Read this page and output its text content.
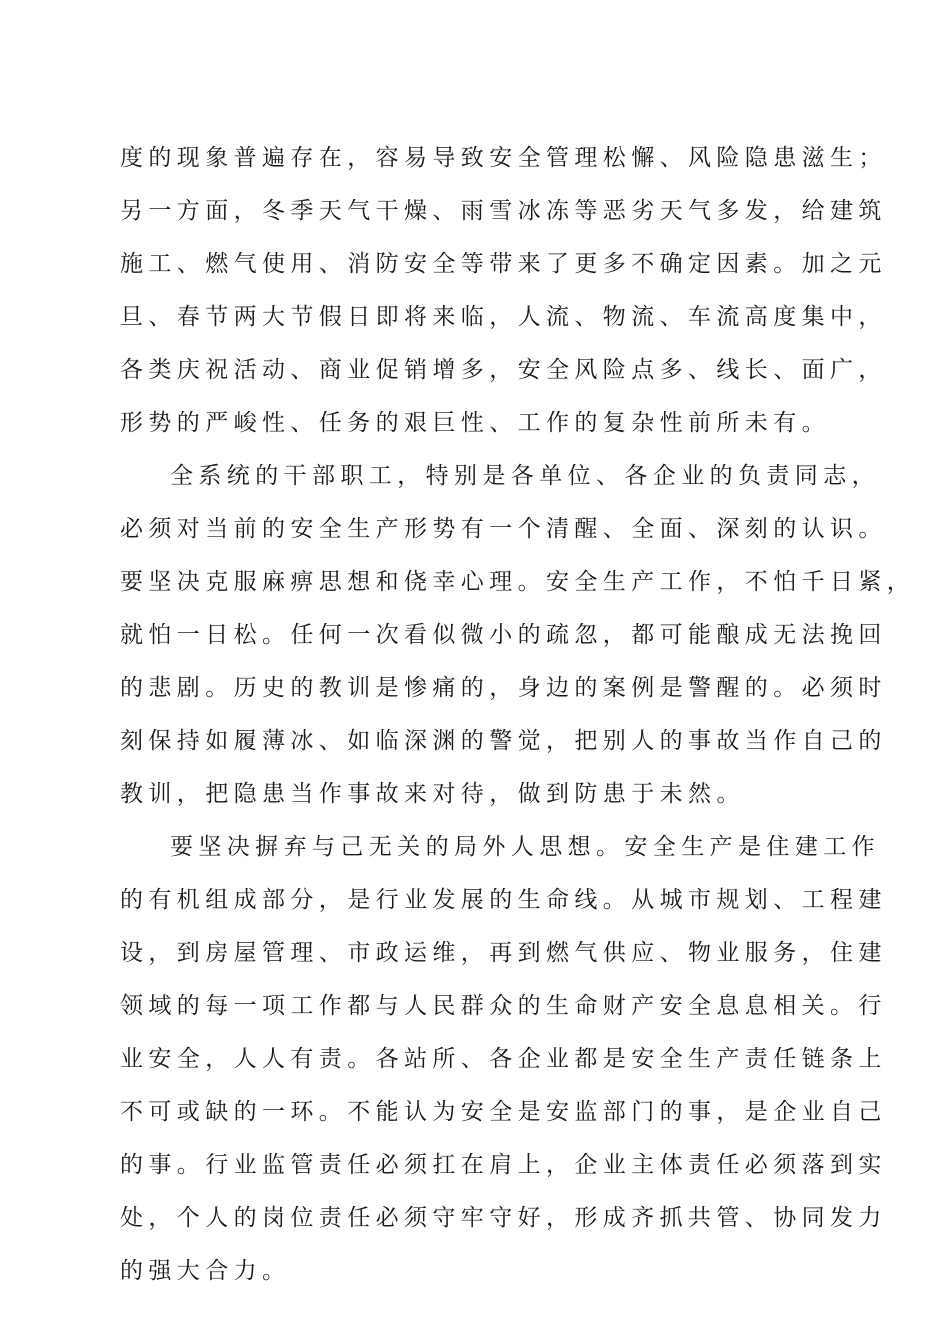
度的现象普遍存在，容易导致安全管理松懈、风险隐患滋生；
另一方面，冬季天气干燥、雨雪冰冻等恶劣天气多发，给建筑
施工、燃气使用、消防安全等带来了更多不确定因素。加之元
旦、春节两大节假日即将来临，人流、物流、车流高度集中，
各类庆祝活动、商业促销增多，安全风险点多、线长、面广，
形势的严峻性、任务的艰巨性、工作的复杂性前所未有。
全系统的干部职工，特别是各单位、各企业的负责同志，
必须对当前的安全生产形势有一个清醒、全面、深刻的认识。
要坚决克服麻痹思想和侥幸心理。安全生产工作，不怕千日紧，
就怕一日松。任何一次看似微小的疏忽，都可能酿成无法挽回
的悲剧。历史的教训是惨痛的，身边的案例是警醒的。必须时
刻保持如履薄冰、如临深渊的警觉，把别人的事故当作自己的
教训，把隐患当作事故来对待，做到防患于未然。
要坚决摒弃与己无关的局外人思想。安全生产是住建工作
的有机组成部分，是行业发展的生命线。从城市规划、工程建
设，到房屋管理、市政运维，再到燃气供应、物业服务，住建
领域的每一项工作都与人民群众的生命财产安全息息相关。行
业安全，人人有责。各站所、各企业都是安全生产责任链条上
不可或缺的一环。不能认为安全是安监部门的事，是企业自己
的事。行业监管责任必须扛在肩上，企业主体责任必须落到实
处，个人的岗位责任必须守牢守好，形成齐抓共管、协同发力
的强大合力。
